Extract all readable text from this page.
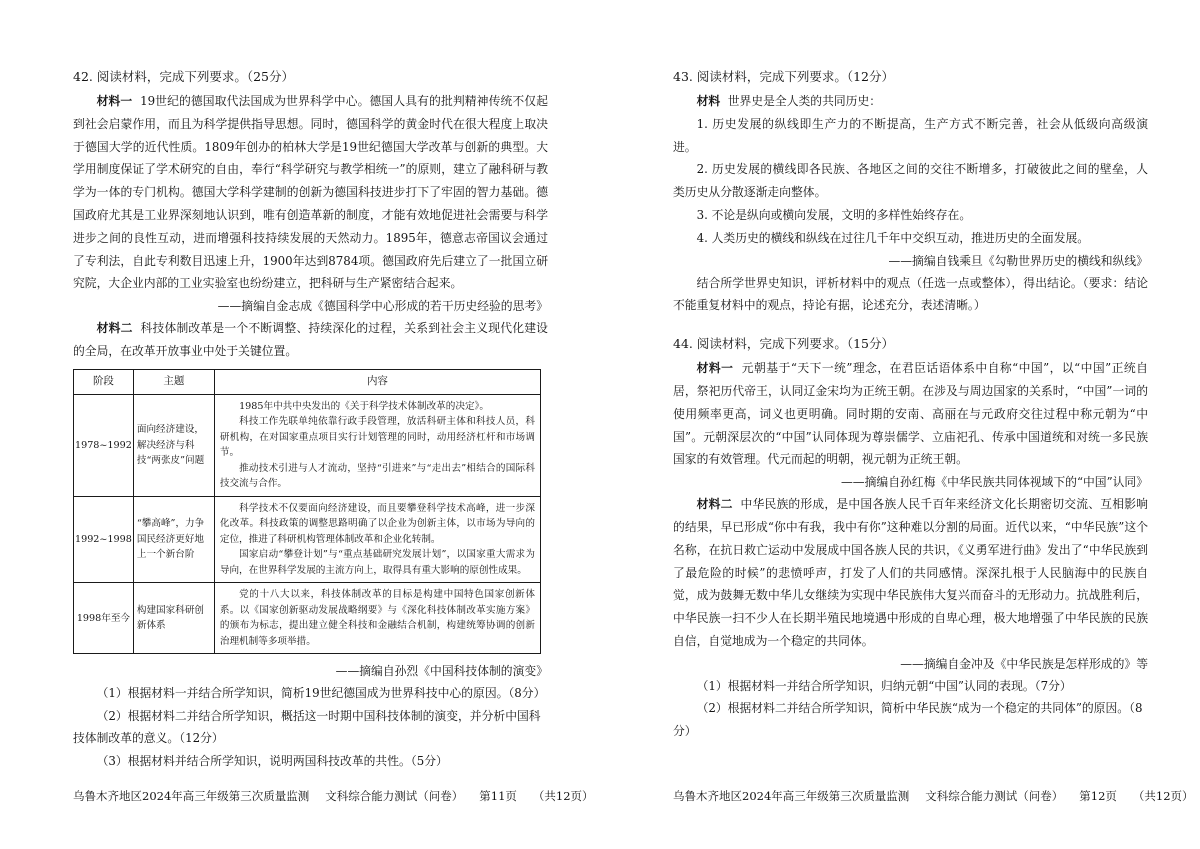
42. 阅读材料，完成下列要求。（25分）

材料一 19世纪的德国取代法国成为世界科学中心。德国人具有的批判精神传统不仅起到社会启蒙作用，而且为科学提供指导思想。同时，德国科学的黄金时代在很大程度上取决于德国大学的近代性质。1809年创办的柏林大学是19世纪德国大学改革与创新的典型。大学用制度保证了学术研究的自由，奉行“科学研究与教学相统一”的原则，建立了融科研与教学为一体的专门机构。德国大学科学建制的创新为德国科技进步打下了牢固的智力基础。德国政府尤其是工业界深刻地认识到，唯有创造革新的制度，才能有效地促进社会需要与科学进步之间的良性互动，进而增强科技持续发展的天然动力。1895年，德意志帝国议会通过了专利法，自此专利数目迅速上升，1900年达到8784项。德国政府先后建立了一批国立研究院，大企业内部的工业实验室也纷纷建立，把科研与生产紧密结合起来。

——摘编自金志成《德国科学中心形成的若干历史经验的思考》

材料二 科技体制改革是一个不断调整、持续深化的过程，关系到社会主义现代化建设的全局，在改革开放事业中处于关键位置。

阶段	主题	内容
1978~1992	面向经济建设，解决经济与科技“两张皮”问题	1985年中共中央发出的《关于科学技术体制改革的决定》。

科技工作先联单纯依靠行政手段管理，放活科研主体和科技人员，科研机构，在对国家重点项目实行计划管理的同时，动用经济杠杆和市场调节。

推动技术引进与人才流动，坚持“引进来”与“走出去”相结合的国际科技交流与合作。

1992~1998	“攀高峰”，力争国民经济更好地上一个新台阶	科学技术不仅要面向经济建设，而且要攀登科学技术高峰，进一步深化改革。科技政策的调整思路明确了以企业为创新主体，以市场为导向的定位，推进了科研机构管理体制改革和企业化转制。

国家启动“攀登计划”与“重点基础研究发展计划”，以国家重大需求为导向，在世界科学发展的主流方向上，取得具有重大影响的原创性成果。

1998年至今	构建国家科研创新体系	党的十八大以来，科技体制改革的目标是构建中国特色国家创新体系。以《国家创新驱动发展战略纲要》与《深化科技体制改革实施方案》的颁布为标志，提出建立健全科技和金融结合机制，构建统筹协调的创新治理机制等多项举措。

——摘编自孙烈《中国科技体制的演变》

（1）根据材料一并结合所学知识，简析19世纪德国成为世界科技中心的原因。（8分）

（2）根据材料二并结合所学知识，概括这一时期中国科技体制的演变，并分析中国科技体制改革的意义。（12分）

（3）根据材料并结合所学知识，说明两国科技改革的共性。（5分）

乌鲁木齐地区2024年高三年级第三次质量监测 文科综合能力测试（问卷） 第11页 （共12页）

43. 阅读材料，完成下列要求。（12分）

材料 世界史是全人类的共同历史：

1. 历史发展的纵线即生产力的不断提高，生产方式不断完善，社会从低级向高级演进。

2. 历史发展的横线即各民族、各地区之间的交往不断增多，打破彼此之间的壁垒，人类历史从分散逐渐走向整体。

3. 不论是纵向或横向发展，文明的多样性始终存在。

4. 人类历史的横线和纵线在过往几千年中交织互动，推进历史的全面发展。

——摘编自钱乘旦《勾勒世界历史的横线和纵线》

结合所学世界史知识，评析材料中的观点（任选一点或整体），得出结论。（要求：结论不能重复材料中的观点，持论有据，论述充分，表述清晰。）

44. 阅读材料，完成下列要求。（15分）

材料一 元朝基于“天下一统”理念，在君臣话语体系中自称“中国”，以“中国”正统自居，祭祀历代帝王，认同辽金宋均为正统王朝。在涉及与周边国家的关系时，“中国”一词的使用频率更高，词义也更明确。同时期的安南、高丽在与元政府交往过程中称元朝为“中国”。元朝深层次的“中国”认同体现为尊崇儒学、立庙祀孔、传承中国道统和对统一多民族国家的有效管理。代元而起的明朝，视元朝为正统王朝。

——摘编自孙红梅《中华民族共同体视域下的“中国”认同》

材料二 中华民族的形成，是中国各族人民千百年来经济文化长期密切交流、互相影响的结果，早已形成“你中有我，我中有你”这种难以分割的局面。近代以来，“中华民族”这个名称，在抗日救亡运动中发展成中国各族人民的共识，《义勇军进行曲》发出了“中华民族到了最危险的时候”的悲愤呼声，打发了人们的共同感情。深深扎根于人民脑海中的民族自觉，成为鼓舞无数中华儿女继续为实现中华民族伟大复兴而奋斗的无形动力。抗战胜利后，中华民族一扫不少人在长期半殖民地境遇中形成的自卑心理，极大地增强了中华民族的民族自信，自觉地成为一个稳定的共同体。

——摘编自金冲及《中华民族是怎样形成的》等

（1）根据材料一并结合所学知识，归纳元朝“中国”认同的表现。（7分）

（2）根据材料二并结合所学知识，简析中华民族“成为一个稳定的共同体”的原因。（8分）

乌鲁木齐地区2024年高三年级第三次质量监测 文科综合能力测试（问卷） 第12页 （共12页）
